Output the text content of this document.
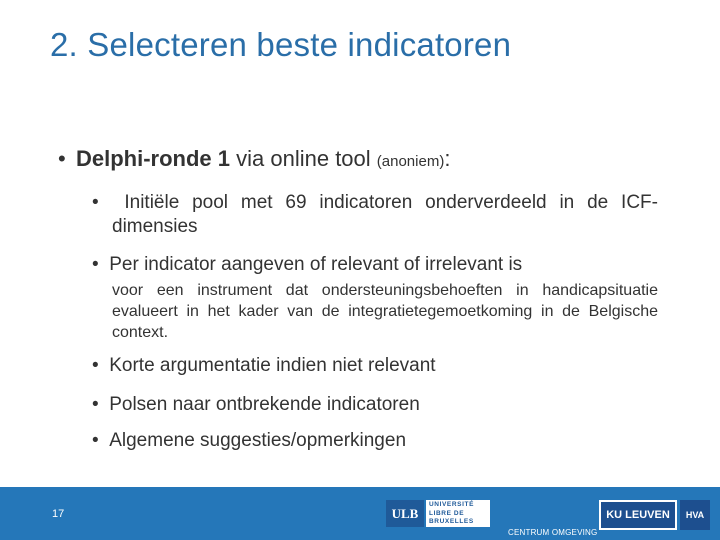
2. Selecteren beste indicatoren
• Delphi-ronde 1 via online tool (anoniem):
•  Initiële pool met 69 indicatoren onderverdeeld in de ICF-dimensies
•  Per indicator aangeven of relevant of irrelevant is
voor een instrument dat ondersteuningsbehoeften in handicapsituatie evalueert in het kader van de integratietegemoetkoming in de Belgische context.
•  Korte argumentatie indien niet relevant
•  Polsen naar ontbrekende indicatoren
•  Algemene suggesties/opmerkingen
17	ULB
UNIVERSITÉ LIBRE DE BRUXELLES
CENTRUM OMGEVING
KU LEUVEN	HVA
